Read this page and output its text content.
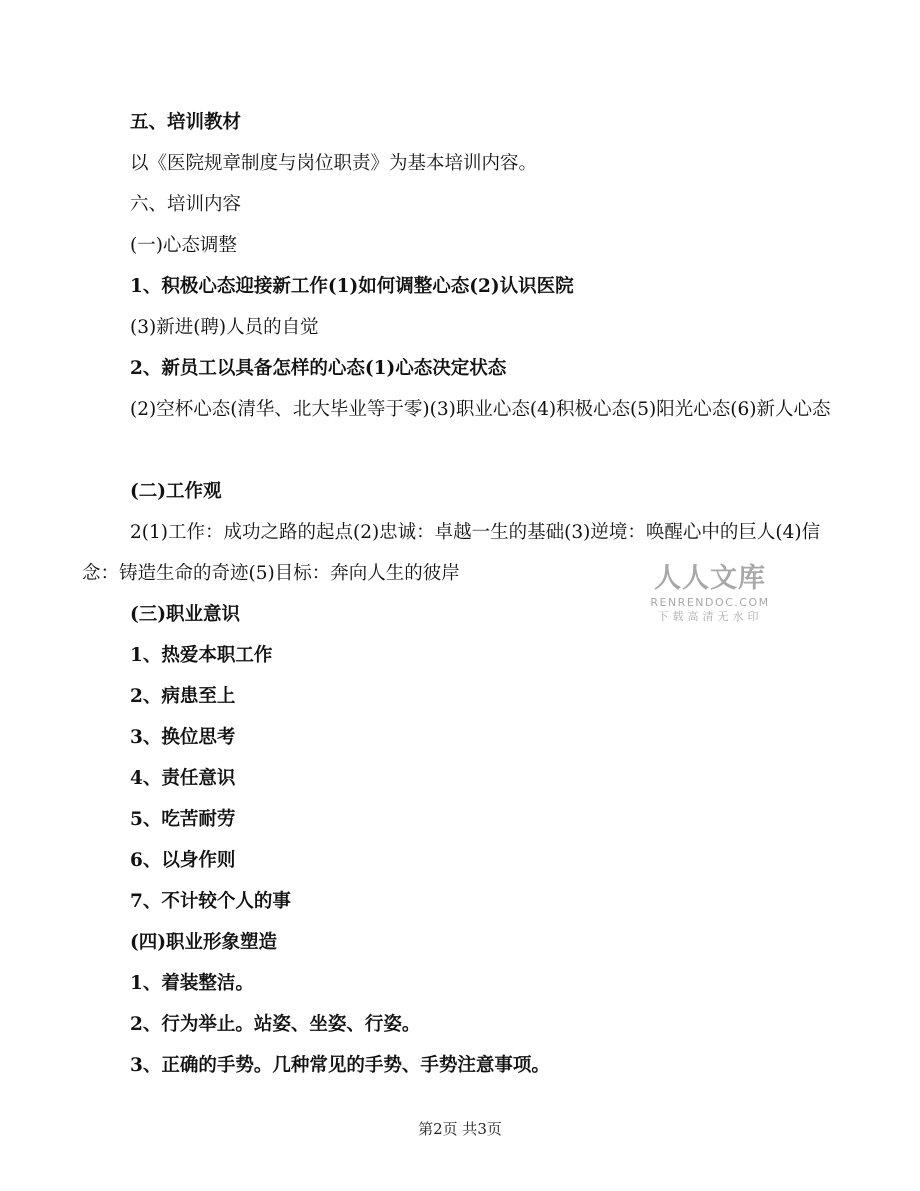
五、培训教材
以《医院规章制度与岗位职责》为基本培训内容。
六、培训内容
(一)心态调整
1、积极心态迎接新工作(1)如何调整心态(2)认识医院
(3)新进(聘)人员的自觉
2、新员工以具备怎样的心态(1)心态决定状态
(2)空杯心态(清华、北大毕业等于零)(3)职业心态(4)积极心态(5)阳光心态(6)新人心态
(二)工作观
2(1)工作：成功之路的起点(2)忠诚：卓越一生的基础(3)逆境：唤醒心中的巨人(4)信念：铸造生命的奇迹(5)目标：奔向人生的彼岸
(三)职业意识
1、热爱本职工作
2、病患至上
3、换位思考
4、责任意识
5、吃苦耐劳
6、以身作则
7、不计较个人的事
(四)职业形象塑造
1、着装整洁。
2、行为举止。站姿、坐姿、行姿。
3、正确的手势。几种常见的手势、手势注意事项。
人人文库
RENRENDOC.COM
下载高清无水印
第2页 共3页
